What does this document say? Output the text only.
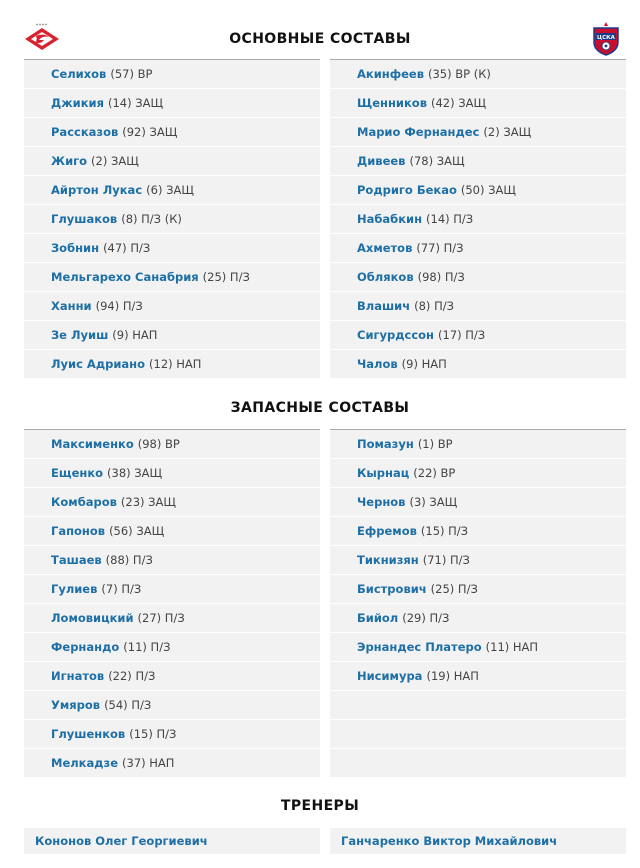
ЦСКА
ОСНОВНЫЕ СОСТАВЫ
ЗАПАСНЫЕ СОСТАВЫ
ТРЕНЕРЫ
Селихов (57) ВР
Джикия (14) ЗАЩ
Рассказов (92) ЗАЩ
Жиго (2) ЗАЩ
Айртон Лукас (6) ЗАЩ
Глушаков (8) П/З (К)
Зобнин (47) П/З
Мельгарехо Санабрия (25) П/З
Ханни (94) П/З
Зе Луиш (9) НАП
Луис Адриано (12) НАП
Акинфеев (35) ВР (К)
Щенников (42) ЗАЩ
Марио Фернандес (2) ЗАЩ
Дивеев (78) ЗАЩ
Родриго Бекао (50) ЗАЩ
Набабкин (14) П/З
Ахметов (77) П/З
Обляков (98) П/З
Влашич (8) П/З
Сигурдссон (17) П/З
Чалов (9) НАП
Максименко (98) ВР
Ещенко (38) ЗАЩ
Комбаров (23) ЗАЩ
Гапонов (56) ЗАЩ
Ташаев (88) П/З
Гулиев (7) П/З
Ломовицкий (27) П/З
Фернандо (11) П/З
Игнатов (22) П/З
Умяров (54) П/З
Глушенков (15) П/З
Мелкадзе (37) НАП
Помазун (1) ВР
Кырнац (22) ВР
Чернов (3) ЗАЩ
Ефремов (15) П/З
Тикнизян (71) П/З
Бистрович (25) П/З
Бийол (29) П/З
Эрнандес Платеро (11) НАП
Нисимура (19) НАП
Кононов Олег Георгиевич	Ганчаренко Виктор Михайлович
